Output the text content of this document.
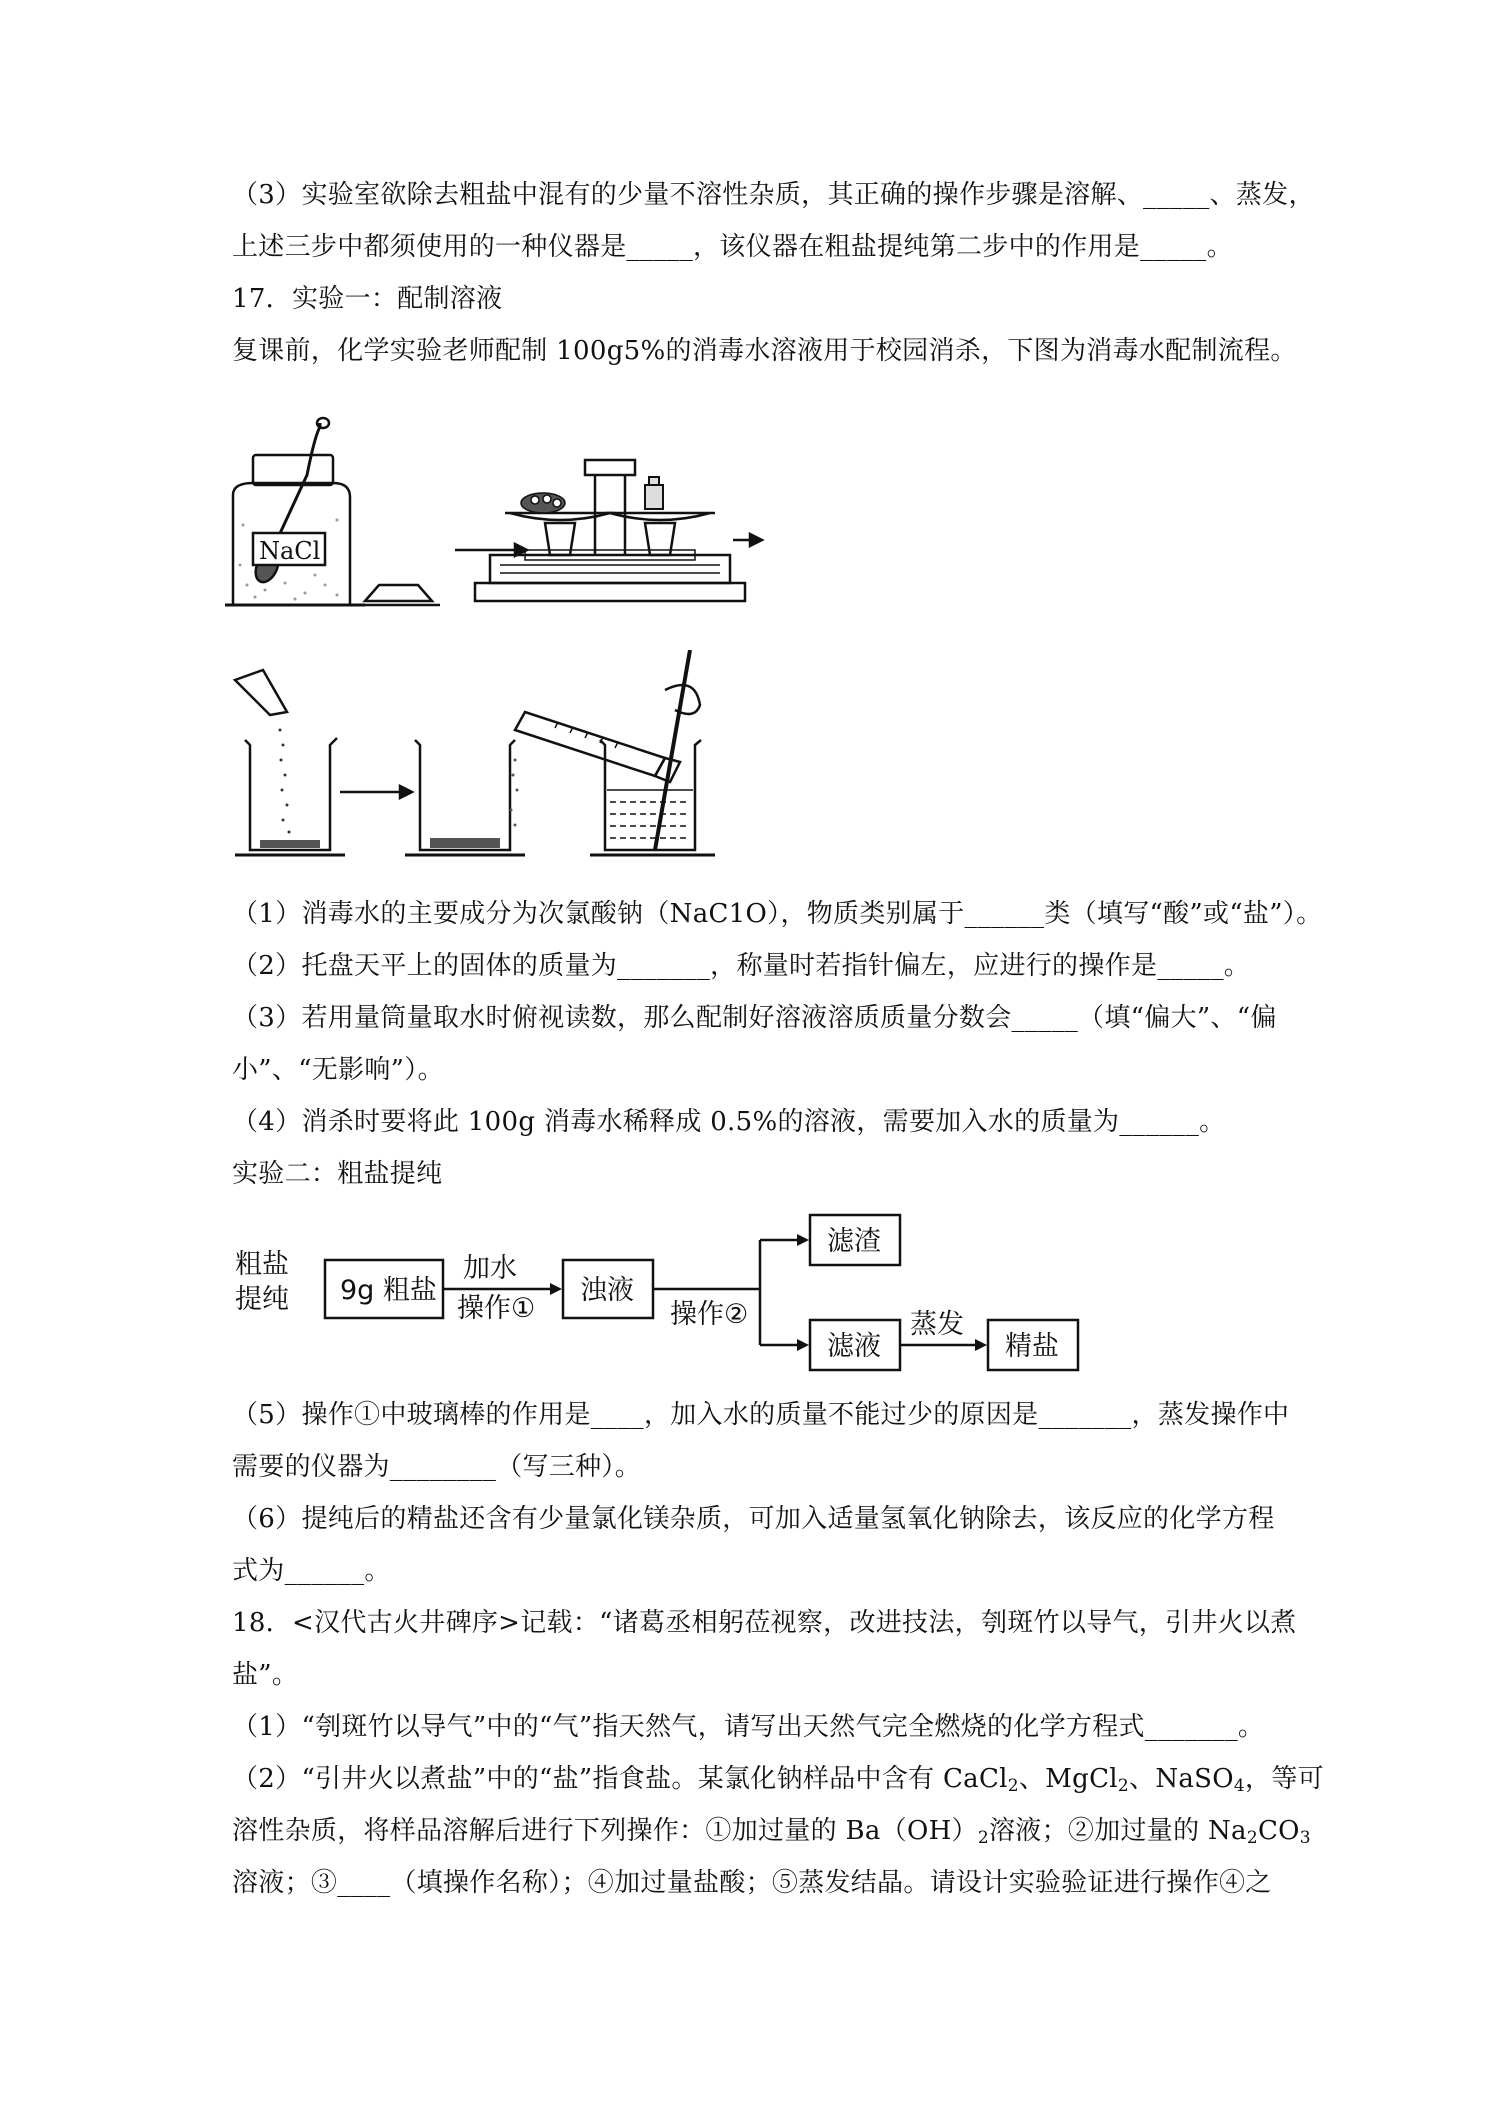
（3）实验室欲除去粗盐中混有的少量不溶性杂质，其正确的操作步骤是溶解、_____、蒸发，
上述三步中都须使用的一种仪器是_____，该仪器在粗盐提纯第二步中的作用是_____。
17．实验一：配制溶液
复课前，化学实验老师配制 100g5%的消毒水溶液用于校园消杀，下图为消毒水配制流程。
NaCl
（1）消毒水的主要成分为次氯酸钠（NaC1O），物质类别属于______类（填写“酸”或“盐”）。
（2）托盘天平上的固体的质量为_______，称量时若指针偏左，应进行的操作是_____。
（3）若用量筒量取水时俯视读数，那么配制好溶液溶质质量分数会_____（填“偏大”、“偏
小”、“无影响”）。
（4）消杀时要将此 100g 消毒水稀释成 0.5%的溶液，需要加入水的质量为______。
实验二：粗盐提纯
粗盐
提纯 9g 粗盐
加水
操作①
浊液
操作②
滤渣
滤液
蒸发
精盐
（5）操作①中玻璃棒的作用是____，加入水的质量不能过少的原因是_______，蒸发操作中
需要的仪器为________（写三种）。
（6）提纯后的精盐还含有少量氯化镁杂质，可加入适量氢氧化钠除去，该反应的化学方程
式为______。
18．<汉代古火井碑序>记载：“诸葛丞相躬莅视察，改进技法，刳斑竹以导气，引井火以煮
盐”。
（1）“刳斑竹以导气”中的“气”指天然气，请写出天然气完全燃烧的化学方程式_______。
（2）“引井火以煮盐”中的“盐”指食盐。某氯化钠样品中含有 CaCl$_2$、MgCl$_2$、NaSO$_4$，等可
溶性杂质，将样品溶解后进行下列操作：①加过量的 $Ba(OH)_2$溶液；②加过量的 $Na_2CO_3$
溶液；③____（填操作名称）；④加过量盐酸；⑤蒸发结晶。请设计实验验证进行操作④之
